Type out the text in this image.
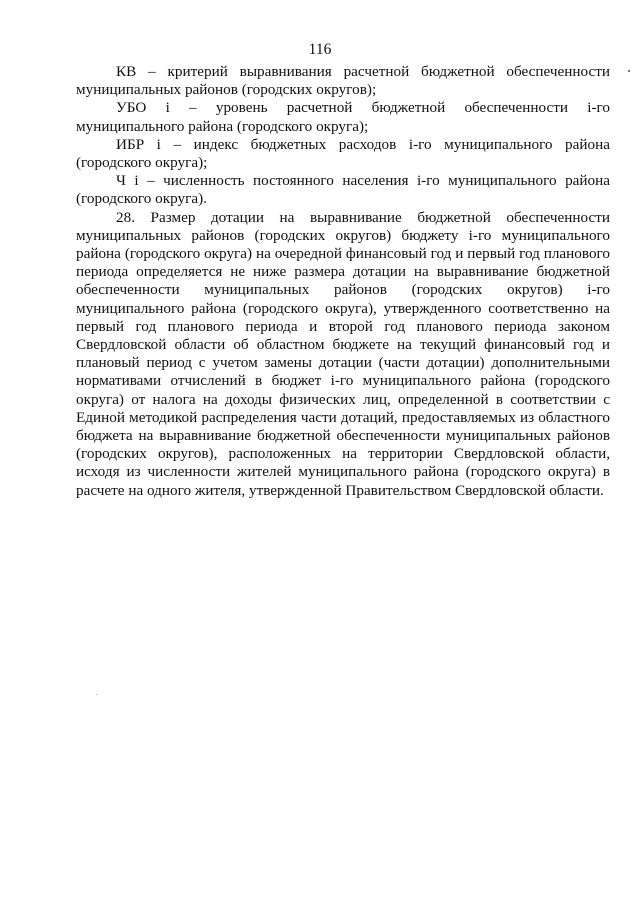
116

КВ – критерий выравнивания расчетной бюджетной обеспеченности муниципальных районов (городских округов);

УБО i – уровень расчетной бюджетной обеспеченности i-го муниципального района (городского округа);

ИБР i – индекс бюджетных расходов i-го муниципального района (городского округа);

Ч i – численность постоянного населения i-го муниципального района (городского округа).

28. Размер дотации на выравнивание бюджетной обеспеченности муниципальных районов (городских округов) бюджету i-го муниципального района (городского округа) на очередной финансовый год и первый год планового периода определяется не ниже размера дотации на выравнивание бюджетной обеспеченности муниципальных районов (городских округов) i-го муниципального района (городского округа), утвержденного соответственно на первый год планового периода и второй год планового периода законом Свердловской области об областном бюджете на текущий финансовый год и плановый период с учетом замены дотации (части дотации) дополнительными нормативами отчислений в бюджет i-го муниципального района (городского округа) от налога на доходы физических лиц, определенной в соответствии с Единой методикой распределения части дотаций, предоставляемых из областного бюджета на выравнивание бюджетной обеспеченности муниципальных районов (городских округов), расположенных на территории Свердловской области, исходя из численности жителей муниципального района (городского округа) в расчете на одного жителя, утвержденной Правительством Свердловской области.
